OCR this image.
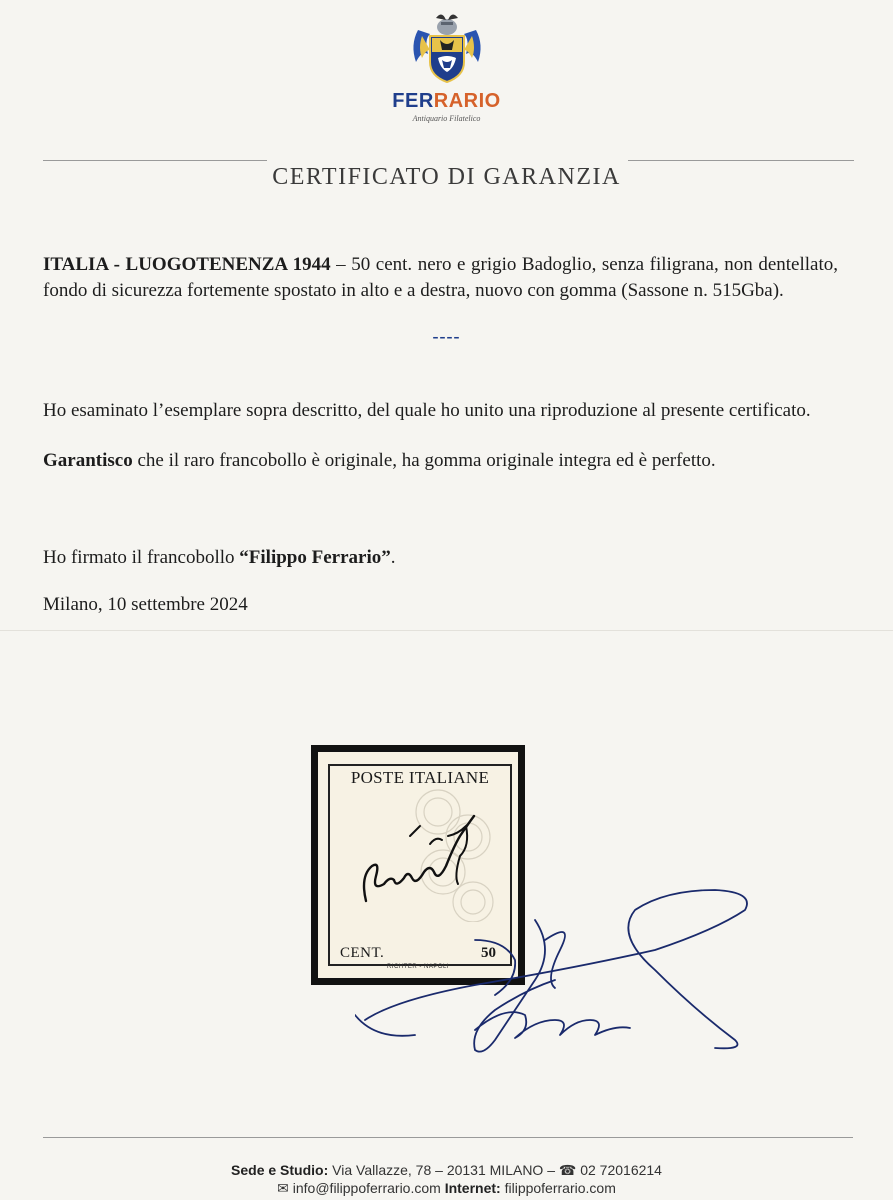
FERRARIO
Antiquario Filatelico
CERTIFICATO DI GARANZIA
ITALIA - LUOGOTENENZA 1944 – 50 cent. nero e grigio Badoglio, senza filigrana, non dentellato, fondo di sicurezza fortemente spostato in alto e a destra, nuovo con gomma (Sassone n. 515Gba).
----
Ho esaminato l’esemplare sopra descritto, del quale ho unito una riproduzione al presente certificato.
Garantisco che il raro francobollo è originale, ha gomma originale integra ed è perfetto.
Ho firmato il francobollo “Filippo Ferrario”.
Milano, 10 settembre 2024
POSTE ITALIANE
CENT.	50
RICHTER - NAPOLI
Sede e Studio: Via Vallazze, 78 – 20131 MILANO – ☎ 02 72016214
✉ info@filippoferrario.com Internet: filippoferrario.com
